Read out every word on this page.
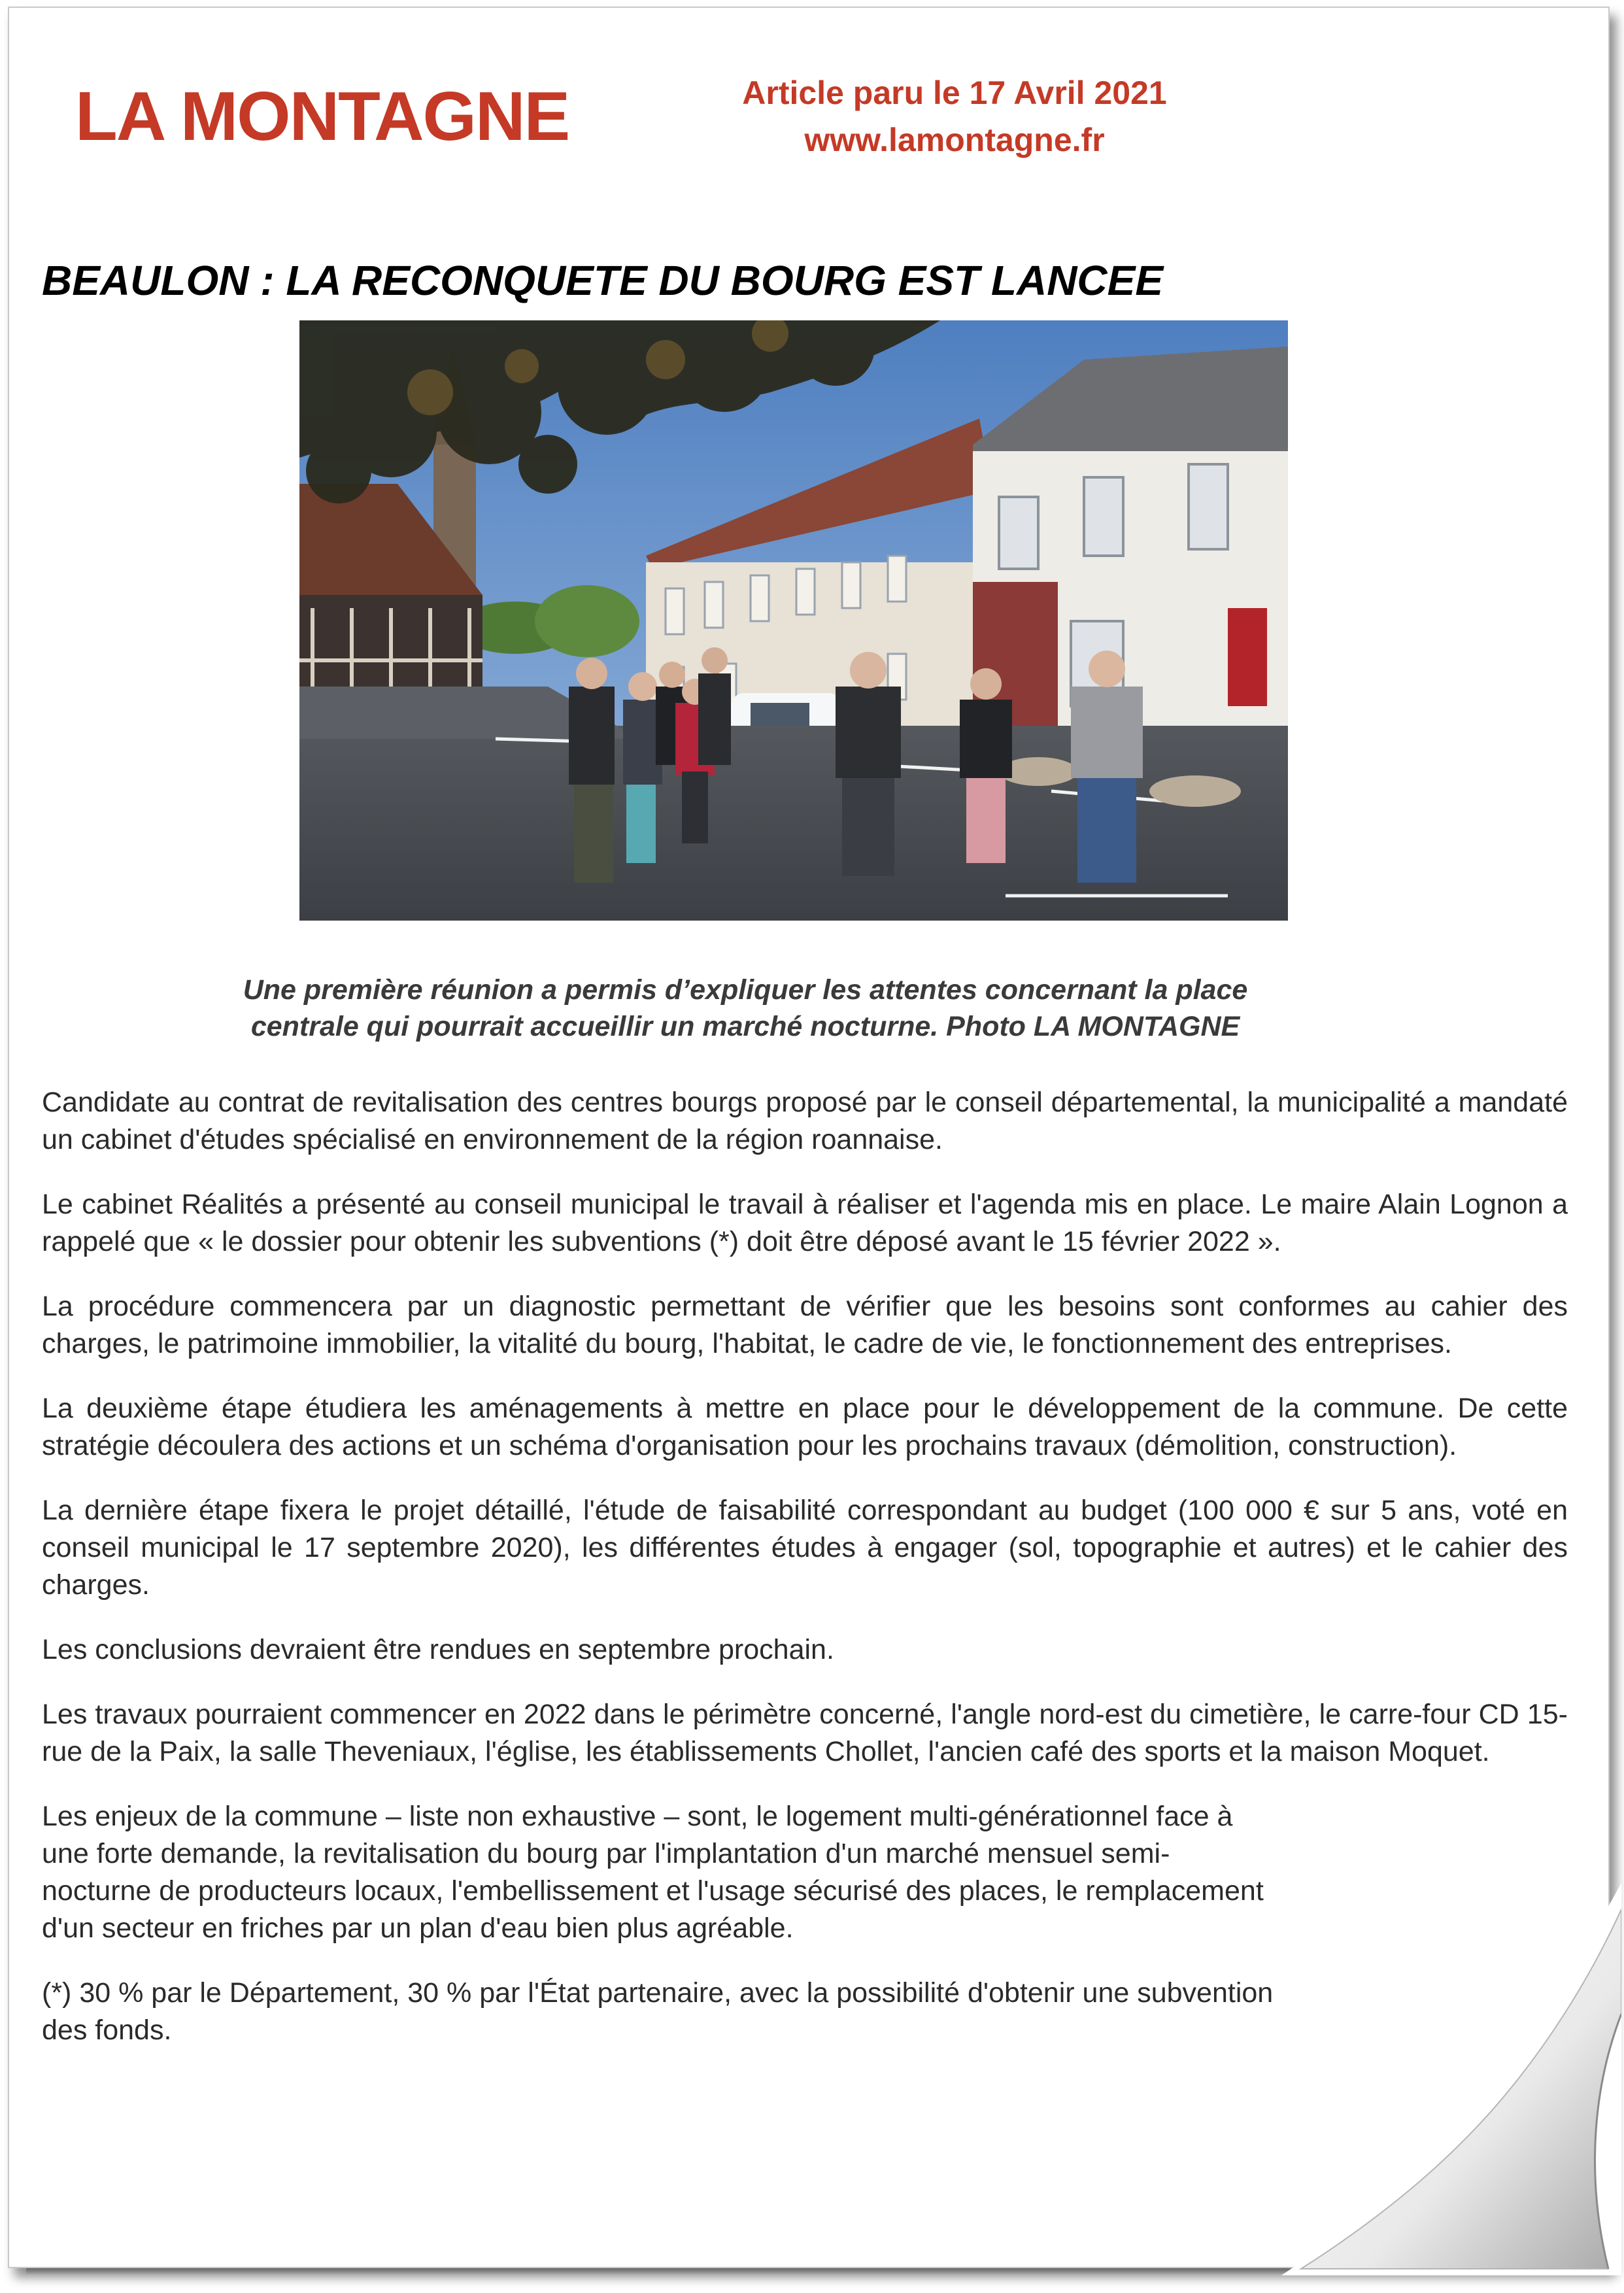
LA MONTAGNE	Article paru le 17 Avril 2021
www.lamontagne.fr
BEAULON : LA RECONQUETE DU BOURG EST LANCEE
Une première réunion a permis d’expliquer les attentes concernant la place
centrale qui pourrait accueillir un marché nocturne. Photo LA MONTAGNE

Candidate au contrat de revitalisation des centres bourgs proposé par le conseil départemental, la municipalité a mandaté un cabinet d'études spécialisé en environnement de la région roannaise.

Le cabinet Réalités a présenté au conseil municipal le travail à réaliser et l'agenda mis en place. Le maire Alain Lognon a rappelé que « le dossier pour obtenir les subventions (*) doit être déposé avant le 15 février 2022 ».

La procédure commencera par un diagnostic permettant de vérifier que les besoins sont conformes au cahier des charges, le patrimoine immobilier, la vitalité du bourg, l'habitat, le cadre de vie, le fonctionnement des entreprises.

La deuxième étape étudiera les aménagements à mettre en place pour le développement de la commune. De cette stratégie découlera des actions et un schéma d'organisation pour les prochains travaux (démolition, construction).

La dernière étape fixera le projet détaillé, l'étude de faisabilité correspondant au budget (100 000 € sur 5 ans, voté en conseil municipal le 17 septembre 2020), les différentes études à engager (sol, topographie et autres) et le cahier des charges.

Les conclusions devraient être rendues en septembre prochain.

Les travaux pourraient commencer en 2022 dans le périmètre concerné, l'angle nord-est du cimetière, le carre-four CD 15-rue de la Paix, la salle Theveniaux, l'église, les établissements Chollet, l'ancien café des sports et la maison Moquet.

Les enjeux de la commune – liste non exhaustive – sont, le logement multi-générationnel face à une forte demande, la revitalisation du bourg par l'implantation d'un marché mensuel semi-nocturne de producteurs locaux, l'embellissement et l'usage sécurisé des places, le remplacement d'un secteur en friches par un plan d'eau bien plus agréable.

(*) 30 % par le Département, 30 % par l'État partenaire, avec la possibilité d'obtenir une subvention des fonds.
